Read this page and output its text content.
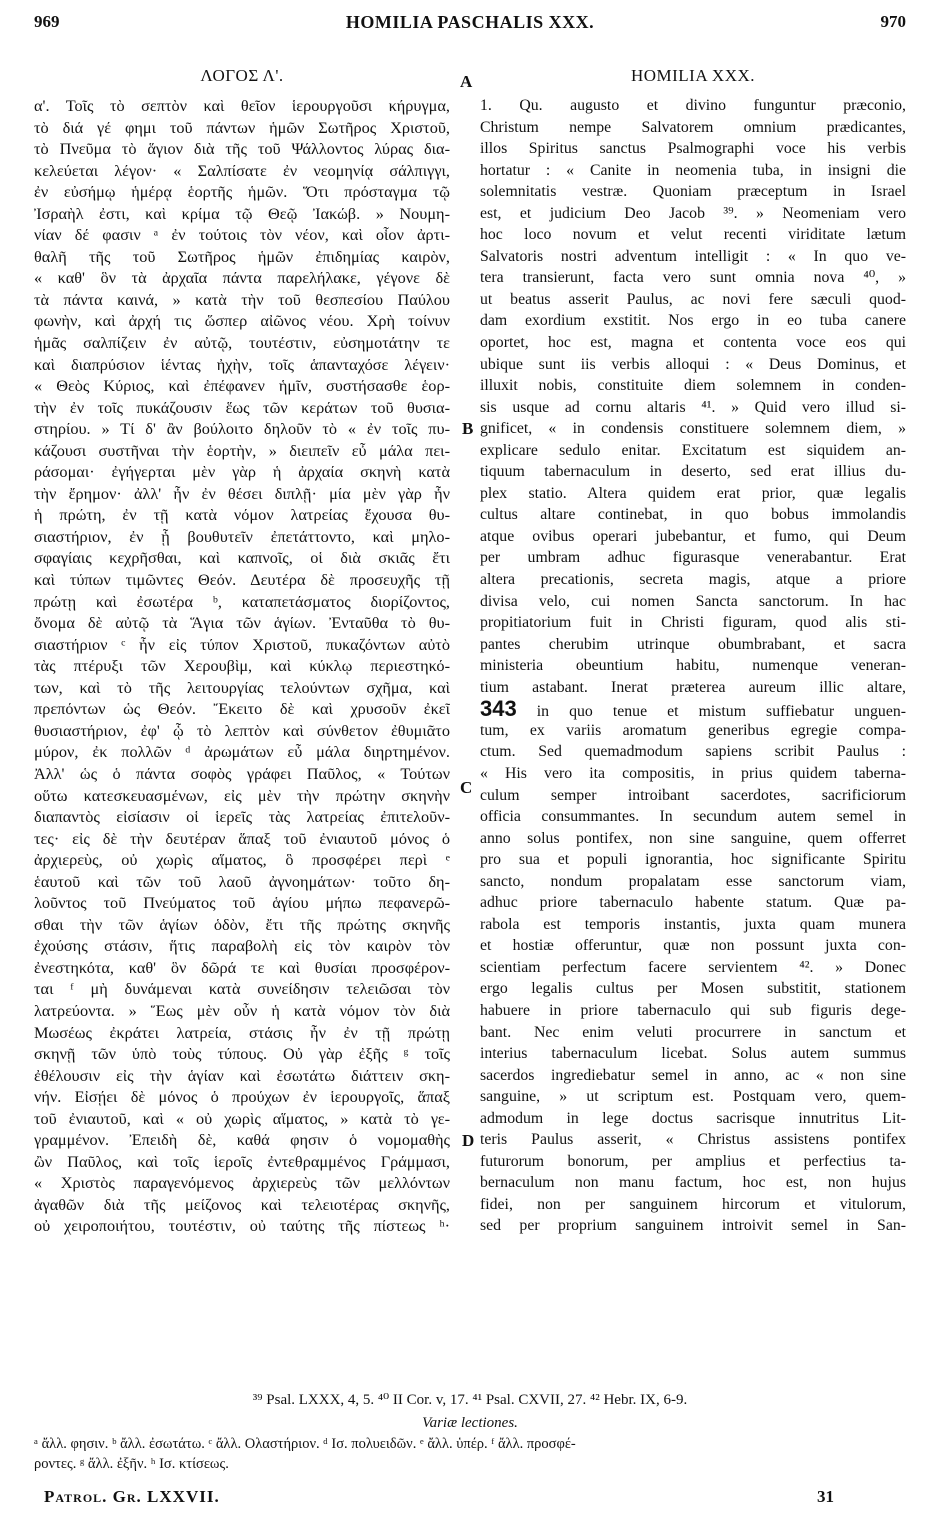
969	HOMILIA PASCHALIS XXX.	970
ΛΟΓΟΣ Λ'.
α'. Τοῖς τὸ σεπτὸν καὶ θεῖον ἱερουργοῦσι κήρυγμα,
τὸ διά γέ φημι τοῦ πάντων ἡμῶν Σωτῆρος Χριστοῦ,
τὸ Πνεῦμα τὸ ἅγιον διὰ τῆς τοῦ Ψάλλοντος λύρας δια-
κελεύεται λέγον· « Σαλπίσατε ἐν νεομηνίᾳ σάλπιγγι,
ἐν εὐσήμῳ ἡμέρᾳ ἑορτῆς ἡμῶν. Ὅτι πρόσταγμα τῷ
Ἰσραὴλ ἐστι, καὶ κρίμα τῷ Θεῷ Ἰακώβ. » Νουμη-
νίαν δέ φασιν ᵃ ἐν τούτοις τὸν νέον, καὶ οἷον ἀρτι-
θαλῆ τῆς τοῦ Σωτῆρος ἡμῶν ἐπιδημίας καιρὸν,
« καθ' ὃν τὰ ἀρχαῖα πάντα παρελήλακε, γέγονε δὲ
τὰ πάντα καινά, » κατὰ τὴν τοῦ θεσπεσίου Παύλου
φωνὴν, καὶ ἀρχή τις ὥσπερ αἰῶνος νέου. Χρὴ τοίνυν
ἡμᾶς σαλπίζειν ἐν αὐτῷ, τουτέστιν, εὐσημοτάτην τε
καὶ διαπρύσιον ἱέντας ἠχὴν, τοῖς ἁπανταχόσε λέγειν·
« Θεὸς Κύριος, καὶ ἐπέφανεν ἡμῖν, συστήσασθε ἑορ-
τὴν ἐν τοῖς πυκάζουσιν ἕως τῶν κεράτων τοῦ θυσια-
στηρίου. » Τί δ' ἂν βούλοιτο δηλοῦν τὸ « ἐν τοῖς πυ-
κάζουσι συστῆναι τὴν ἑορτὴν, » διειπεῖν εὖ μάλα πει-
ράσομαι· ἐγήγερται μὲν γὰρ ἡ ἀρχαία σκηνὴ κατὰ
τὴν ἔρημον· ἀλλ' ἦν ἐν θέσει διπλῇ· μία μὲν γὰρ ἦν
ἡ πρώτη, ἐν τῇ κατὰ νόμον λατρείας ἔχουσα θυ-
σιαστήριον, ἐν ᾗ βουθυτεῖν ἐπετάττοντο, καὶ μηλο-
σφαγίαις κεχρῆσθαι, καὶ καπνοῖς, οἱ διὰ σκιᾶς ἔτι
καὶ τύπων τιμῶντες Θεόν. Δευτέρα δὲ προσευχῆς τῇ
πρώτῃ καὶ ἐσωτέρα ᵇ, καταπετάσματος διορίζοντος,
ὄνομα δὲ αὐτῷ τὰ Ἅγια τῶν ἁγίων. Ἐνταῦθα τὸ θυ-
σιαστήριον ᶜ ἦν εἰς τύπον Χριστοῦ, πυκαζόντων αὐτὸ
τὰς πτέρυξι τῶν Χερουβὶμ, καὶ κύκλῳ περιεστηκό-
των, καὶ τὸ τῆς λειτουργίας τελούντων σχῆμα, καὶ
πρεπόντων ὡς Θεόν. Ἔκειτο δὲ καὶ χρυσοῦν ἐκεῖ
θυσιαστήριον, ἐφ' ᾧ τὸ λεπτὸν καὶ σύνθετον ἐθυμιᾶτο
μύρον, ἐκ πολλῶν ᵈ ἀρωμάτων εὖ μάλα διηρτημένον.
Ἀλλ' ὡς ὁ πάντα σοφὸς γράφει Παῦλος, « Τούτων
οὕτω κατεσκευασμένων, εἰς μὲν τὴν πρώτην σκηνὴν
διαπαντὸς εἰσίασιν οἱ ἱερεῖς τὰς λατρείας ἐπιτελοῦν-
τες· εἰς δὲ τὴν δευτέραν ἅπαξ τοῦ ἐνιαυτοῦ μόνος ὁ
ἀρχιερεὺς, οὐ χωρὶς αἵματος, ὃ προσφέρει περὶ ᵉ
ἑαυτοῦ καὶ τῶν τοῦ λαοῦ ἀγνοημάτων· τοῦτο δη-
λοῦντος τοῦ Πνεύματος τοῦ ἁγίου μήπω πεφανερῶ-
σθαι τὴν τῶν ἁγίων ὁδὸν, ἔτι τῆς πρώτης σκηνῆς
ἐχούσης στάσιν, ἥτις παραβολὴ εἰς τὸν καιρὸν τὸν
ἐνεστηκότα, καθ' ὃν δῶρά τε καὶ θυσίαι προσφέρον-
ται ᶠ μὴ δυνάμεναι κατὰ συνείδησιν τελειῶσαι τὸν
λατρεύοντα. » Ἕως μὲν οὖν ἡ κατὰ νόμον τὸν διὰ
Μωσέως ἐκράτει λατρεία, στάσις ἦν ἐν τῇ πρώτῃ
σκηνῇ τῶν ὑπὸ τοὺς τύπους. Οὐ γὰρ ἐξῆς ᵍ τοῖς
ἐθέλουσιν εἰς τὴν ἁγίαν καὶ ἐσωτάτω διάττειν σκη-
νήν. Εἰσῄει δὲ μόνος ὁ προύχων ἐν ἱερουργοῖς, ἅπαξ
τοῦ ἐνιαυτοῦ, καὶ « οὐ χωρὶς αἵματος, » κατὰ τὸ γε-
γραμμένον. Ἐπειδὴ δὲ, καθά φησιν ὁ νομομαθὴς
ὢν Παῦλος, καὶ τοῖς ἱεροῖς ἐντεθραμμένος Γράμμασι,
« Χριστὸς παραγενόμενος ἀρχιερεὺς τῶν μελλόντων
ἀγαθῶν διὰ τῆς μείζονος καὶ τελειοτέρας σκηνῆς,
οὐ χειροποιήτου, τουτέστιν, οὐ ταύτης τῆς πίστεως ʰ·
A
B
C
D
HOMILIA XXX.
1. Qu. augusto et divino funguntur præconio,
Christum nempe Salvatorem omnium prædicantes,
illos Spiritus sanctus Psalmographi voce his verbis
hortatur : « Canite in neomenia tuba, in insigni die
solemnitatis vestræ. Quoniam præceptum in Israel
est, et judicium Deo Jacob ³⁹. » Neomeniam vero
hoc loco novum et velut recenti viriditate lætum
Salvatoris nostri adventum intelligit : « In quo ve-
tera transierunt, facta vero sunt omnia nova ⁴⁰, »
ut beatus asserit Paulus, ac novi fere sæculi quod-
dam exordium exstitit. Nos ergo in eo tuba canere
oportet, hoc est, magna et contenta voce eos qui
ubique sunt iis verbis alloqui : « Deus Dominus, et
illuxit nobis, constituite diem solemnem in conden-
sis usque ad cornu altaris ⁴¹. » Quid vero illud si-
gnificet, « in condensis constituere solemnem diem, »
explicare sedulo enitar. Excitatum est siquidem an-
tiquum tabernaculum in deserto, sed erat illius du-
plex statio. Altera quidem erat prior, quæ legalis
cultus altare continebat, in quo bobus immolandis
atque ovibus operari jubebantur, et fumo, qui Deum
per umbram adhuc figurasque venerabantur. Erat
altera precationis, secreta magis, atque a priore
divisa velo, cui nomen Sancta sanctorum. In hac
propitiatorium fuit in Christi figuram, quod alis sti-
pantes cherubim utrinque obumbrabant, et sacra
ministeria obeuntium habitu, numenque veneran-
tium astabant. Inerat præterea aureum illic altare,
343 in quo tenue et mistum suffiebatur unguen-
tum, ex variis aromatum generibus egregie compa-
ctum. Sed quemadmodum sapiens scribit Paulus :
« His vero ita compositis, in prius quidem taberna-
culum semper introibant sacerdotes, sacrificiorum
officia consummantes. In secundum autem semel in
anno solus pontifex, non sine sanguine, quem offerret
pro sua et populi ignorantia, hoc significante Spiritu
sancto, nondum propalatam esse sanctorum viam,
adhuc priore tabernaculo habente statum. Quæ pa-
rabola est temporis instantis, juxta quam munera
et hostiæ offeruntur, quæ non possunt juxta con-
scientiam perfectum facere servientem ⁴². » Donec
ergo legalis cultus per Mosen substitit, stationem
habuere in priore tabernaculo qui sub figuris dege-
bant. Nec enim veluti procurrere in sanctum et
interius tabernaculum licebat. Solus autem summus
sacerdos ingrediebatur semel in anno, ac « non sine
sanguine, » ut scriptum est. Postquam vero, quem-
admodum in lege doctus sacrisque innutritus Lit-
teris Paulus asserit, « Christus assistens pontifex
futurorum bonorum, per amplius et perfectius ta-
bernaculum non manu factum, hoc est, non hujus
fidei, non per sanguinem hircorum et vitulorum,
sed per proprium sanguinem introivit semel in San-
³⁹ Psal. LXXX, 4, 5. ⁴⁰ II Cor. v, 17. ⁴¹ Psal. CXVII, 27. ⁴² Hebr. IX, 6-9.
Variæ lectiones.
ᵃ ἄλλ. φησιν. ᵇ ἄλλ. ἐσωτάτω. ᶜ ἄλλ. Ολαστήριον. ᵈ Ισ. πολυειδῶν. ᵉ ἄλλ. ὑπέρ. ᶠ ἄλλ. προσφέ-
ροντες. ᵍ ἄλλ. ἐξῆν. ʰ Ισ. κτίσεως.
Patrol. Gr. LXXVII.	31
